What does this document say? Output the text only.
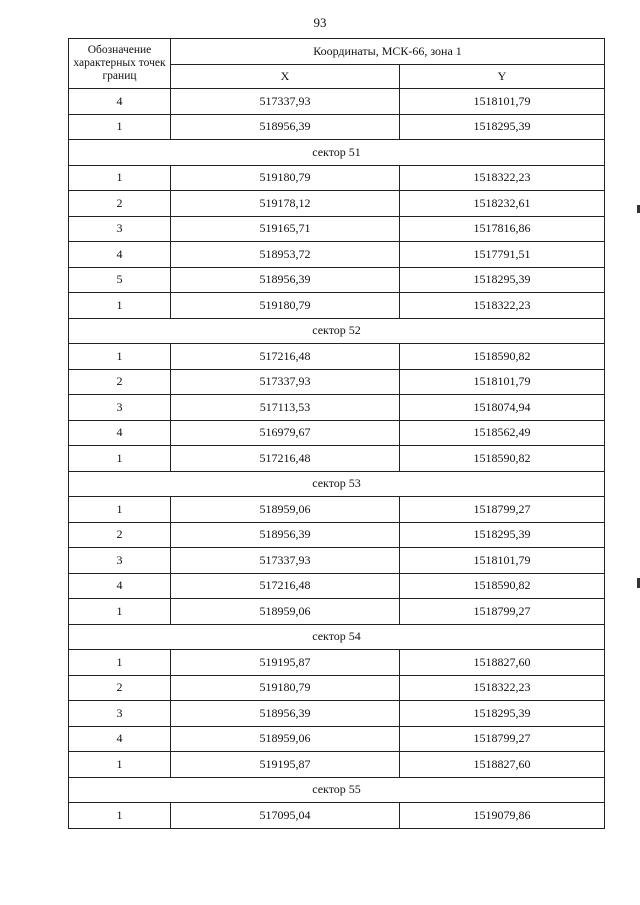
93
Обозначение характерных точек границ	Координаты, МСК-66, зона 1	
	X	Y
4	517337,93	1518101,79
1	518956,39	1518295,39
сектор 51		
1	519180,79	1518322,23
2	519178,12	1518232,61
3	519165,71	1517816,86
4	518953,72	1517791,51
5	518956,39	1518295,39
1	519180,79	1518322,23
сектор 52		
1	517216,48	1518590,82
2	517337,93	1518101,79
3	517113,53	1518074,94
4	516979,67	1518562,49
1	517216,48	1518590,82
сектор 53		
1	518959,06	1518799,27
2	518956,39	1518295,39
3	517337,93	1518101,79
4	517216,48	1518590,82
1	518959,06	1518799,27
сектор 54		
1	519195,87	1518827,60
2	519180,79	1518322,23
3	518956,39	1518295,39
4	518959,06	1518799,27
1	519195,87	1518827,60
сектор 55		
1	517095,04	1519079,86
